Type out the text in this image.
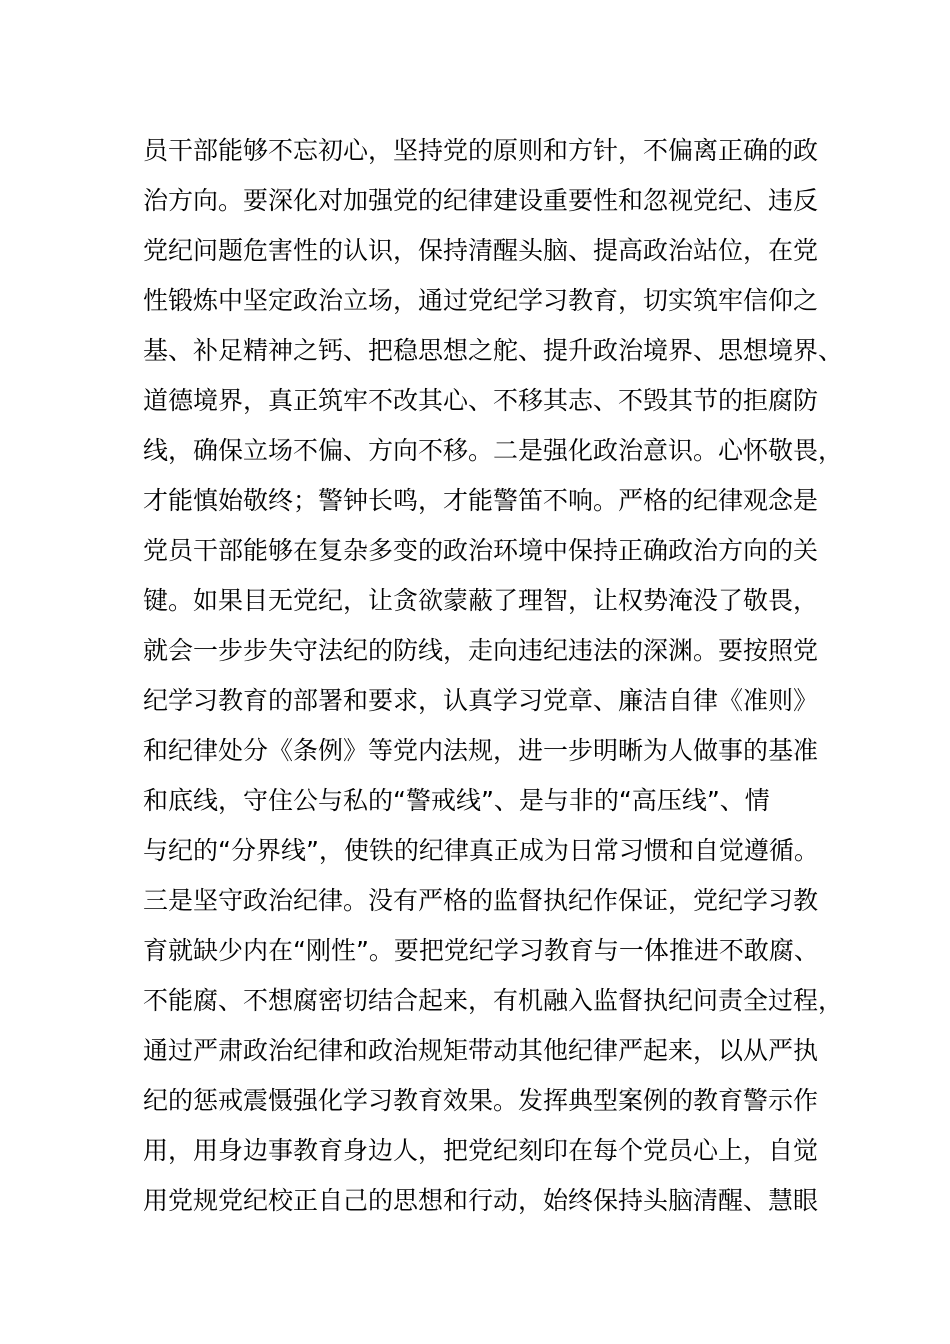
员干部能够不忘初心，坚持党的原则和方针，不偏离正确的政
治方向。要深化对加强党的纪律建设重要性和忽视党纪、违反
党纪问题危害性的认识，保持清醒头脑、提高政治站位，在党
性锻炼中坚定政治立场，通过党纪学习教育，切实筑牢信仰之
基、补足精神之钙、把稳思想之舵、提升政治境界、思想境界、
道德境界，真正筑牢不改其心、不移其志、不毁其节的拒腐防
线，确保立场不偏、方向不移。二是强化政治意识。心怀敬畏，
才能慎始敬终；警钟长鸣，才能警笛不响。严格的纪律观念是
党员干部能够在复杂多变的政治环境中保持正确政治方向的关
键。如果目无党纪，让贪欲蒙蔽了理智，让权势淹没了敬畏，
就会一步步失守法纪的防线，走向违纪违法的深渊。要按照党
纪学习教育的部署和要求，认真学习党章、廉洁自律《准则》
和纪律处分《条例》等党内法规，进一步明晰为人做事的基准
和底线，守住公与私的“警戒线”、是与非的“高压线”、情
与纪的“分界线”，使铁的纪律真正成为日常习惯和自觉遵循。
三是坚守政治纪律。没有严格的监督执纪作保证，党纪学习教
育就缺少内在“刚性”。要把党纪学习教育与一体推进不敢腐、
不能腐、不想腐密切结合起来，有机融入监督执纪问责全过程，
通过严肃政治纪律和政治规矩带动其他纪律严起来，以从严执
纪的惩戒震慑强化学习教育效果。发挥典型案例的教育警示作
用，用身边事教育身边人，把党纪刻印在每个党员心上，自觉
用党规党纪校正自己的思想和行动，始终保持头脑清醒、慧眼
